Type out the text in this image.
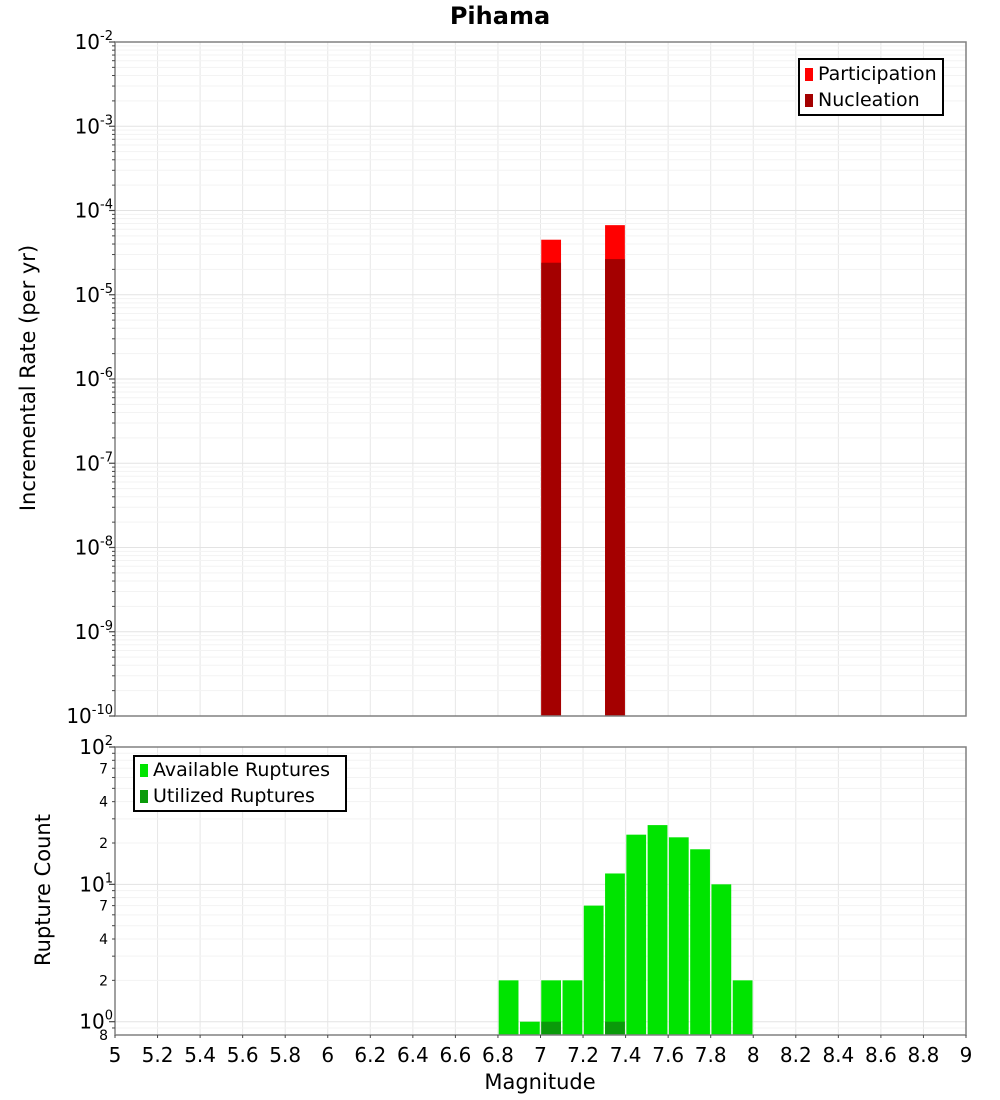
$10^{-2}$
$10^{-3}$
$10^{-4}$
$10^{-5}$
$10^{-6}$
$10^{-7}$
$10^{-8}$
$10^{-9}$
$10^{-10}$
$10^2$
$10^1$
$10^0$
7
4
2
7
4
2
8
5 5.2 5.4 5.6 5.8 6 6.2 6.4 6.6 6.8 7 7.2 7.4 7.6 7.8 8 8.2 8.4 8.6 8.8 9
Pihama
Incremental Rate (per yr)
Rupture Count
Magnitude
Participation
Nucleation
Available Ruptures
Utilized Ruptures
